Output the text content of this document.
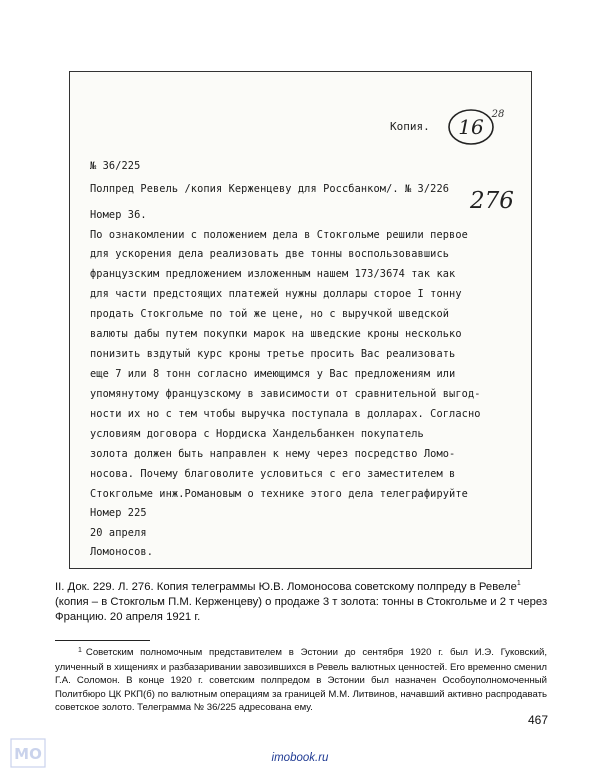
Копия. 16
28
276
№ 36/225
Полпред Ревель /копия Керженцеву для Россбанком/. № 3/226
Номер 36.
По ознакомлении с положением дела в Стокгольме решили первое
для ускорения дела реализовать две тонны воспользовавшись
французским предложением изложенным нашем 173/3674 так как
для части предстоящих платежей нужны доллары сторое I тонну
продать Стокгольме по той же цене, но с выручкой шведской
валюты дабы путем покупки марок на шведские кроны несколько
понизить вздутый курс кроны третье просить Вас реализовать
еще 7 или 8 тонн согласно имеющимся у Вас предложениям или
упомянутому французскому в зависимости от сравнительной выгод-
ности их но с тем чтобы выручка поступала в долларах. Согласно
условиям договора с Нордиска Хандельбанкен покупатель
золота должен быть направлен к нему через посредство Ломо-
носова. Почему благоволите условиться с его заместителем в
Стокгольме инж.Романовым о технике этого дела телеграфируйте
Номер 225
20 апреля
Ломоносов.
II. Док. 229. Л. 276. Копия телеграммы Ю.В. Ломоносова советскому полпреду в Ревеле$^1$ (копия – в Стокгольм П.М. Керженцеву) о продаже 3 т золота: тонны в Стокгольме и 2 т через Францию. 20 апреля 1921 г.
$^1$ Советским полномочным представителем в Эстонии до сентября 1920 г. был И.Э. Гуковский, уличенный в хищениях и разбазаривании завозившихся в Ревель валютных ценностей. Его временно сменил Г.А. Соломон. В конце 1920 г. советским полпредом в Эстонии был назначен Особоуполномоченный Политбюро ЦК РКП(б) по валютным операциям за границей М.М. Литвинов, начавший активно распродавать советское золото. Телеграмма № 36/225 адресована ему.
467
imobook.ru
МО
